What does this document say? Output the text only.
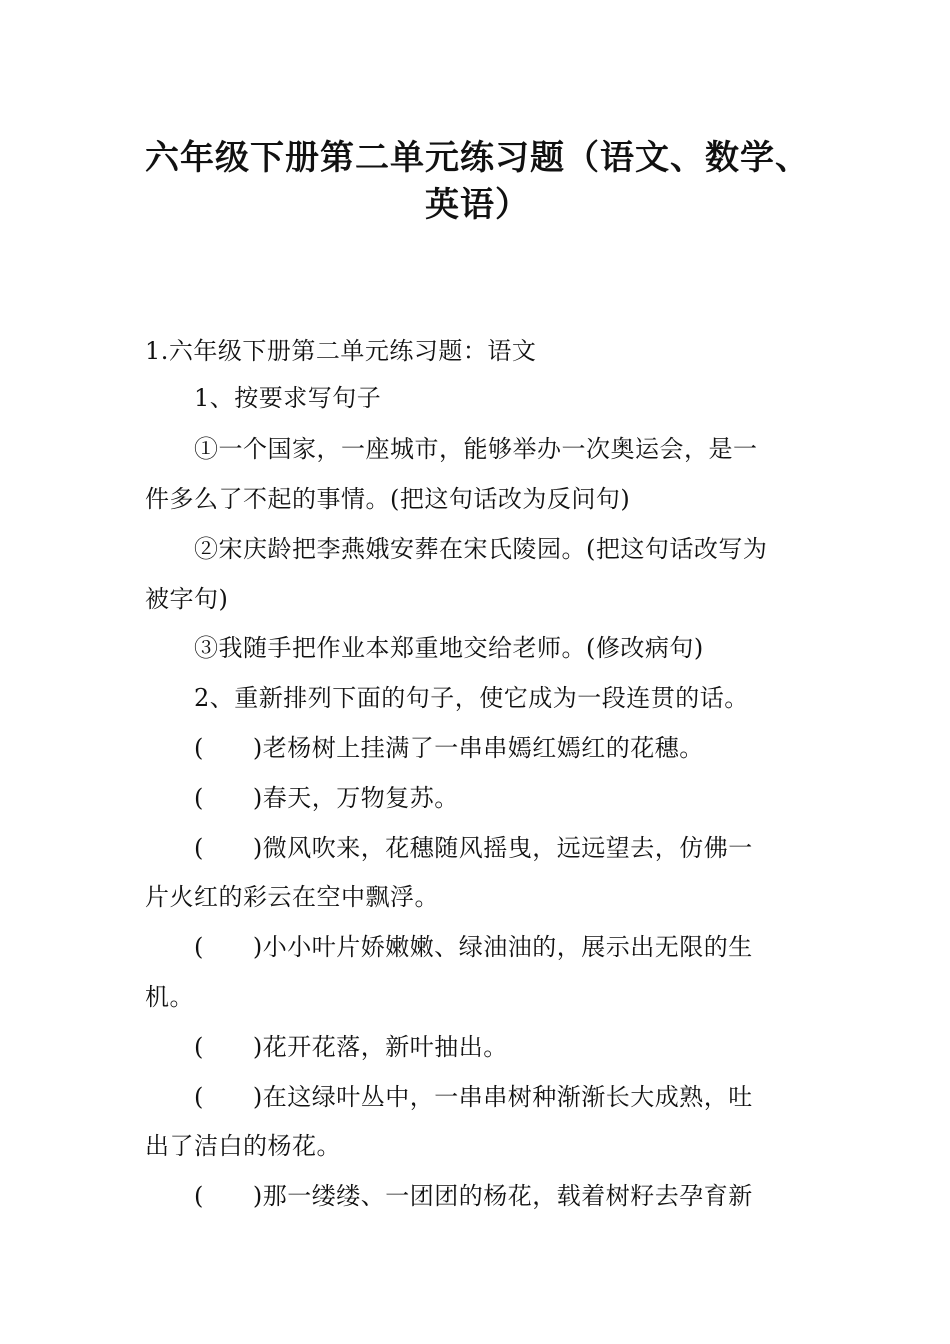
六年级下册第二单元练习题（语文、数学、
英语）
1.六年级下册第二单元练习题：语文
1、按要求写句子
①一个国家，一座城市，能够举办一次奥运会，是一
件多么了不起的事情。(把这句话改为反问句)
②宋庆龄把李燕娥安葬在宋氏陵园。(把这句话改写为
被字句)
③我随手把作业本郑重地交给老师。(修改病句)
2、重新排列下面的句子，使它成为一段连贯的话。
(　　)老杨树上挂满了一串串嫣红嫣红的花穗。
(　　)春天，万物复苏。
(　　)微风吹来，花穗随风摇曳，远远望去，仿佛一
片火红的彩云在空中飘浮。
(　　)小小叶片娇嫩嫩、绿油油的，展示出无限的生
机。
(　　)花开花落，新叶抽出。
(　　)在这绿叶丛中，一串串树种渐渐长大成熟，吐
出了洁白的杨花。
(　　)那一缕缕、一团团的杨花，载着树籽去孕育新
